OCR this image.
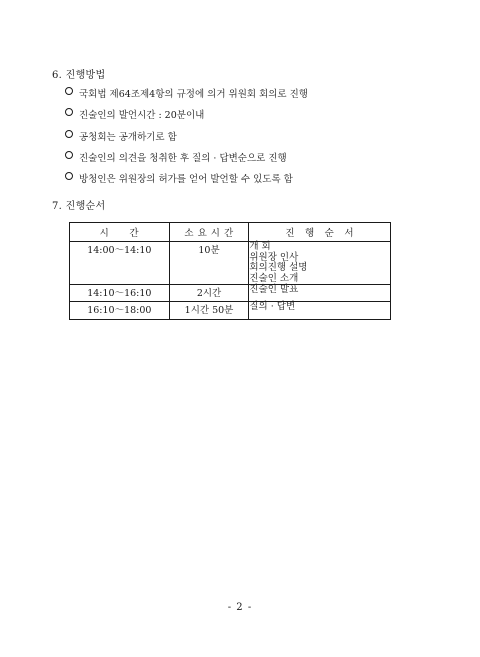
6. 진행방법
국회법 제64조제4항의 규정에 의거 위원회 회의로 진행
진술인의 발언시간 : 20분이내
공청회는 공개하기로 함
진술인의 의견을 청취한 후 질의 · 답변순으로 진행
방청인은 위원장의 허가를 얻어 발언할 수 있도록 함
7. 진행순서
시　　간	소 요 시 간	진　행　순　서
14:00～14:10	10분	개 회
위원장 인사
회의진행 설명
진술인 소개

14:10～16:10	2시간	진술인 발표

16:10～18:00	1시간 50분	질의 · 답변
- 2 -
